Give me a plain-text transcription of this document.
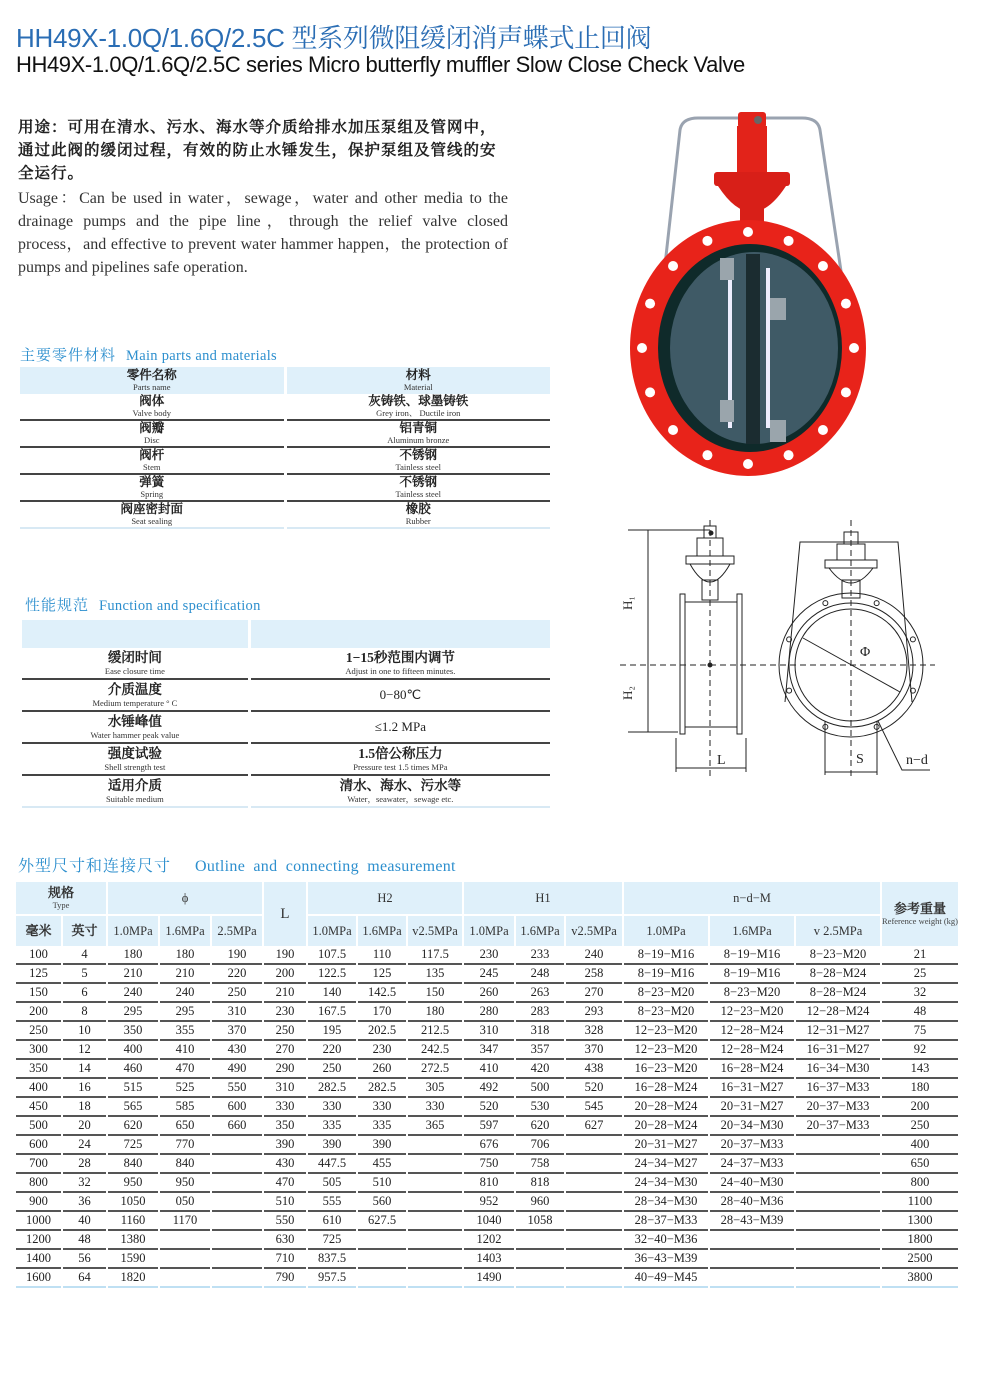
HH49X-1.0Q/1.6Q/2.5C 型系列微阻缓闭消声蝶式止回阀
HH49X-1.0Q/1.6Q/2.5C series Micro butterfly muffler Slow Close Check Valve

用途：可用在清水、污水、海水等介质给排水加压泵组及管网中，通过此阀的缓闭过程，有效的防止水锤发生，保护泵组及管线的安全运行。

Usage：Can be used in water，sewage，water and other media to the drainage pumps and the pipe line，through the relief valve closed process，and effective to prevent water hammer happen，the protection of pumps and pipelines safe operation.

H₁
H₂
L
Φ
S	n−d
主要零件材料 Main parts and materials
零件名称
Parts name	材料
Material

阀体
Valve body	灰铸铁、球墨铸铁
Grey iron、 Ductile iron

阀瓣
Disc	铝青铜
Aluminum bronze

阀杆
Stem	不锈钢
Tainless steel

弹簧
Spring	不锈钢
Tainless steel

阀座密封面
Seat sealing	橡胶
Rubber
性能规范 Function and specification

缓闭时间
Ease closure time	1−15秒范围内调节
Adjust in one to fifteen minutes.

介质温度
Medium temperature ° C	0−80℃

水锤峰值
Water hammer peak value	≤1.2 MPa

强度试验
Shell strength test	1.5倍公称压力
Pressure test 1.5 times MPa

适用介质
Suitable medium	清水、海水、污水等
Water，seawater，sewage etc.
外型尺寸和连接尺寸 Outline and connecting measurement
规格
Type		ϕ			L	H2			H1			n−d−M			参考重量
Reference weight (kg)

毫米	英寸	1.0MPa	1.6MPa	2.5MPa		1.0MPa	1.6MPa	v2.5MPa	1.0MPa	1.6MPa	v2.5MPa	1.0MPa	1.6MPa	v 2.5MPa	
100	4	180	180	190	190	107.5	110	117.5	230	233	240	8−19−M16	8−19−M16	8−23−M20	21
125	5	210	210	220	200	122.5	125	135	245	248	258	8−19−M16	8−19−M16	8−28−M24	25
150	6	240	240	250	210	140	142.5	150	260	263	270	8−23−M20	8−23−M20	8−28−M24	32
200	8	295	295	310	230	167.5	170	180	280	283	293	8−23−M20	12−23−M20	12−28−M24	48
250	10	350	355	370	250	195	202.5	212.5	310	318	328	12−23−M20	12−28−M24	12−31−M27	75
300	12	400	410	430	270	220	230	242.5	347	357	370	12−23−M20	12−28−M24	16−31−M27	92
350	14	460	470	490	290	250	260	272.5	410	420	438	16−23−M20	16−28−M24	16−34−M30	143
400	16	515	525	550	310	282.5	282.5	305	492	500	520	16−28−M24	16−31−M27	16−37−M33	180
450	18	565	585	600	330	330	330	330	520	530	545	20−28−M24	20−31−M27	20−37−M33	200
500	20	620	650	660	350	335	335	365	597	620	627	20−28−M24	20−34−M30	20−37−M33	250
600	24	725	770		390	390	390		676	706		20−31−M27	20−37−M33		400
700	28	840	840		430	447.5	455		750	758		24−34−M27	24−37−M33		650
800	32	950	950		470	505	510		810	818		24−34−M30	24−40−M30		800
900	36	1050	050		510	555	560		952	960		28−34−M30	28−40−M36		1100
1000	40	1160	1170		550	610	627.5		1040	1058		28−37−M33	28−43−M39		1300
1200	48	1380			630	725			1202			32−40−M36			1800
1400	56	1590			710	837.5			1403			36−43−M39			2500
1600	64	1820			790	957.5			1490			40−49−M45			3800
